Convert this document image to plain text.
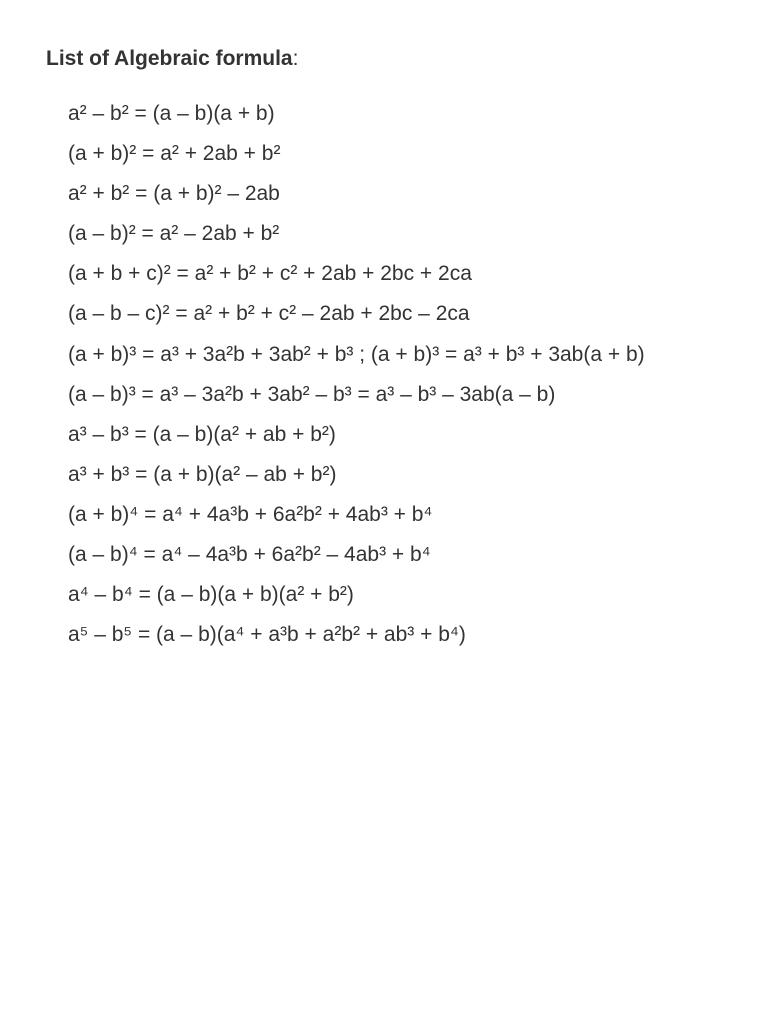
List of Algebraic formula:
a² – b² = (a – b)(a + b)
(a + b)² = a² + 2ab + b²
a² + b² = (a + b)² – 2ab
(a – b)² = a² – 2ab + b²
(a + b + c)² = a² + b² + c² + 2ab + 2bc + 2ca
(a – b – c)² = a² + b² + c² – 2ab + 2bc – 2ca
(a + b)³ = a³ + 3a²b + 3ab² + b³ ; (a + b)³ = a³ + b³ + 3ab(a + b)
(a – b)³ = a³ – 3a²b + 3ab² – b³ = a³ – b³ – 3ab(a – b)
a³ – b³ = (a – b)(a² + ab + b²)
a³ + b³ = (a + b)(a² – ab + b²)
(a + b)⁴ = a⁴ + 4a³b + 6a²b² + 4ab³ + b⁴
(a – b)⁴ = a⁴ – 4a³b + 6a²b² – 4ab³ + b⁴
a⁴ – b⁴ = (a – b)(a + b)(a² + b²)
a⁵ – b⁵ = (a – b)(a⁴ + a³b + a²b² + ab³ + b⁴)
